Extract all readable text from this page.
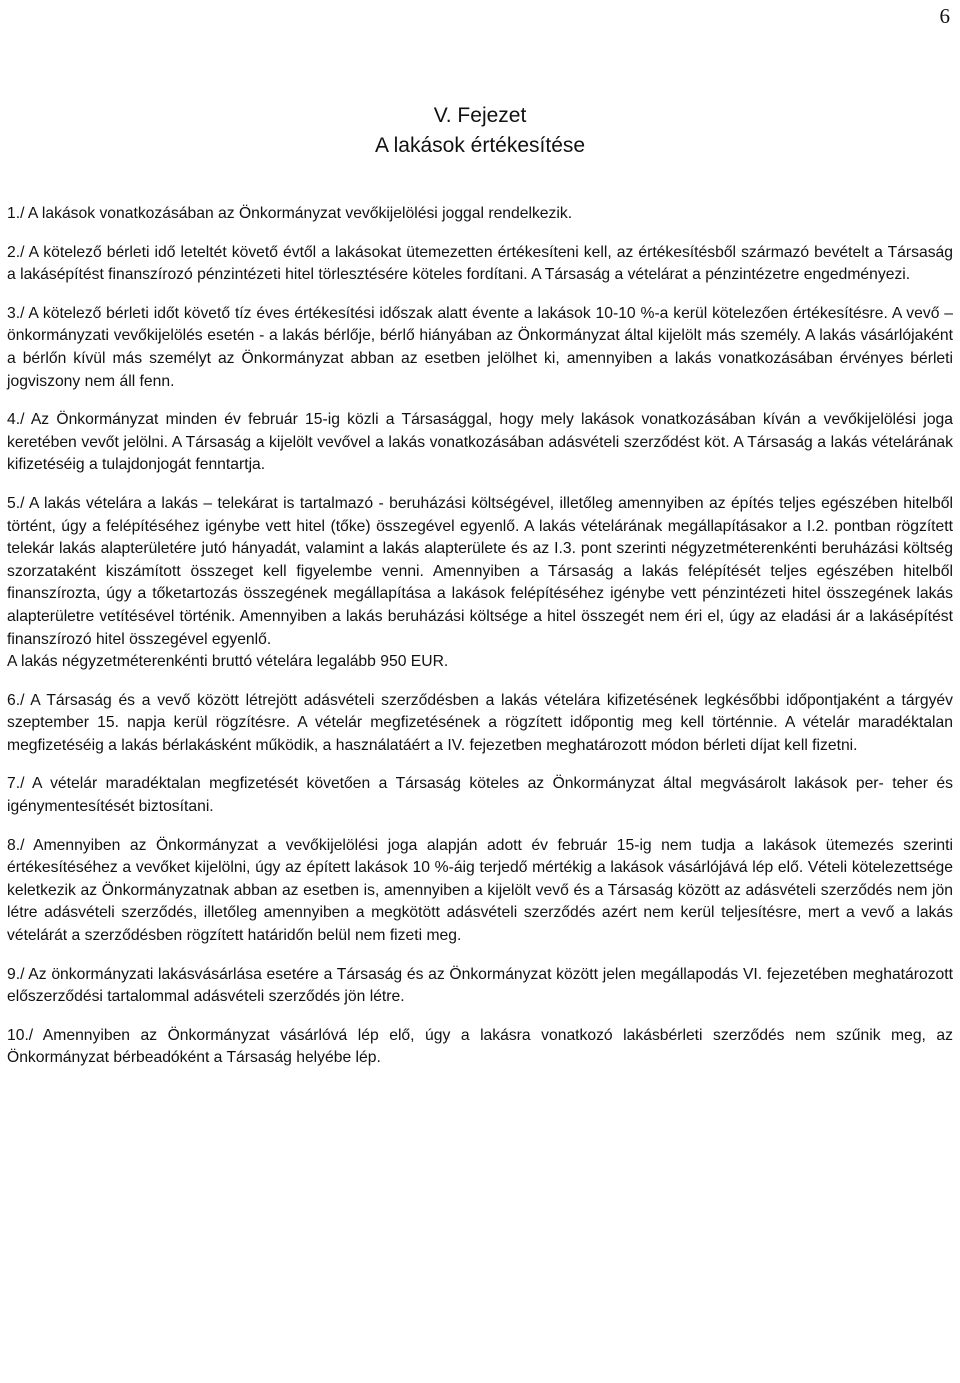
6
V. Fejezet
A lakások értékesítése

1./ A lakások vonatkozásában az Önkormányzat vevőkijelölési joggal rendelkezik.

2./ A kötelező bérleti idő leteltét követő évtől a lakásokat ütemezetten értékesíteni kell, az értékesítésből származó bevételt a Társaság a lakásépítést finanszírozó pénzintézeti hitel törlesztésére köteles fordítani. A Társaság a vételárat a pénzintézetre engedményezi.

3./ A kötelező bérleti időt követő tíz éves értékesítési időszak alatt évente a lakások 10-10 %-a kerül kötelezően értékesítésre. A vevő – önkormányzati vevőkijelölés esetén - a lakás bérlője, bérlő hiányában az Önkormányzat által kijelölt más személy. A lakás vásárlójaként a bérlőn kívül más személyt az Önkormányzat abban az esetben jelölhet ki, amennyiben a lakás vonatkozásában érvényes bérleti jogviszony nem áll fenn.

4./ Az Önkormányzat minden év február 15-ig közli a Társasággal, hogy mely lakások vonatkozásában kíván a vevőkijelölési joga keretében vevőt jelölni. A Társaság a kijelölt vevővel a lakás vonatkozásában adásvételi szerződést köt. A Társaság a lakás vételárának kifizetéséig a tulajdonjogát fenntartja.

5./ A lakás vételára a lakás – telekárat is tartalmazó - beruházási költségével, illetőleg amennyiben az építés teljes egészében hitelből történt, úgy a felépítéséhez igénybe vett hitel (tőke) összegével egyenlő. A lakás vételárának megállapításakor a I.2. pontban rögzített telekár lakás alapterületére jutó hányadát, valamint a lakás alapterülete és az I.3. pont szerinti négyzetméterenkénti beruházási költség szorzataként kiszámított összeget kell figyelembe venni. Amennyiben a Társaság a lakás felépítését teljes egészében hitelből finanszírozta, úgy a tőketartozás összegének megállapítása a lakások felépítéséhez igénybe vett pénzintézeti hitel összegének lakás alapterületre vetítésével történik. Amennyiben a lakás beruházási költsége a hitel összegét nem éri el, úgy az eladási ár a lakásépítést finanszírozó hitel összegével egyenlő.

A lakás négyzetméterenkénti bruttó vételára legalább 950 EUR.

6./ A Társaság és a vevő között létrejött adásvételi szerződésben a lakás vételára kifizetésének legkésőbbi időpontjaként a tárgyév szeptember 15. napja kerül rögzítésre. A vételár megfizetésének a rögzített időpontig meg kell történnie. A vételár maradéktalan megfizetéséig a lakás bérlakásként működik, a használatáért a IV. fejezetben meghatározott módon bérleti díjat kell fizetni.

7./ A vételár maradéktalan megfizetését követően a Társaság köteles az Önkormányzat által megvásárolt lakások per- teher és igénymentesítését biztosítani.

8./ Amennyiben az Önkormányzat a vevőkijelölési joga alapján adott év február 15-ig nem tudja a lakások ütemezés szerinti értékesítéséhez a vevőket kijelölni, úgy az épített lakások 10 %-áig terjedő mértékig a lakások vásárlójává lép elő. Vételi kötelezettsége keletkezik az Önkormányzatnak abban az esetben is, amennyiben a kijelölt vevő és a Társaság között az adásvételi szerződés nem jön létre adásvételi szerződés, illetőleg amennyiben a megkötött adásvételi szerződés azért nem kerül teljesítésre, mert a vevő a lakás vételárát a szerződésben rögzített határidőn belül nem fizeti meg.

9./ Az önkormányzati lakásvásárlása esetére a Társaság és az Önkormányzat között jelen megállapodás VI. fejezetében meghatározott előszerződési tartalommal adásvételi szerződés jön létre.

10./ Amennyiben az Önkormányzat vásárlóvá lép elő, úgy a lakásra vonatkozó lakásbérleti szerződés nem szűnik meg, az Önkormányzat bérbeadóként a Társaság helyébe lép.
